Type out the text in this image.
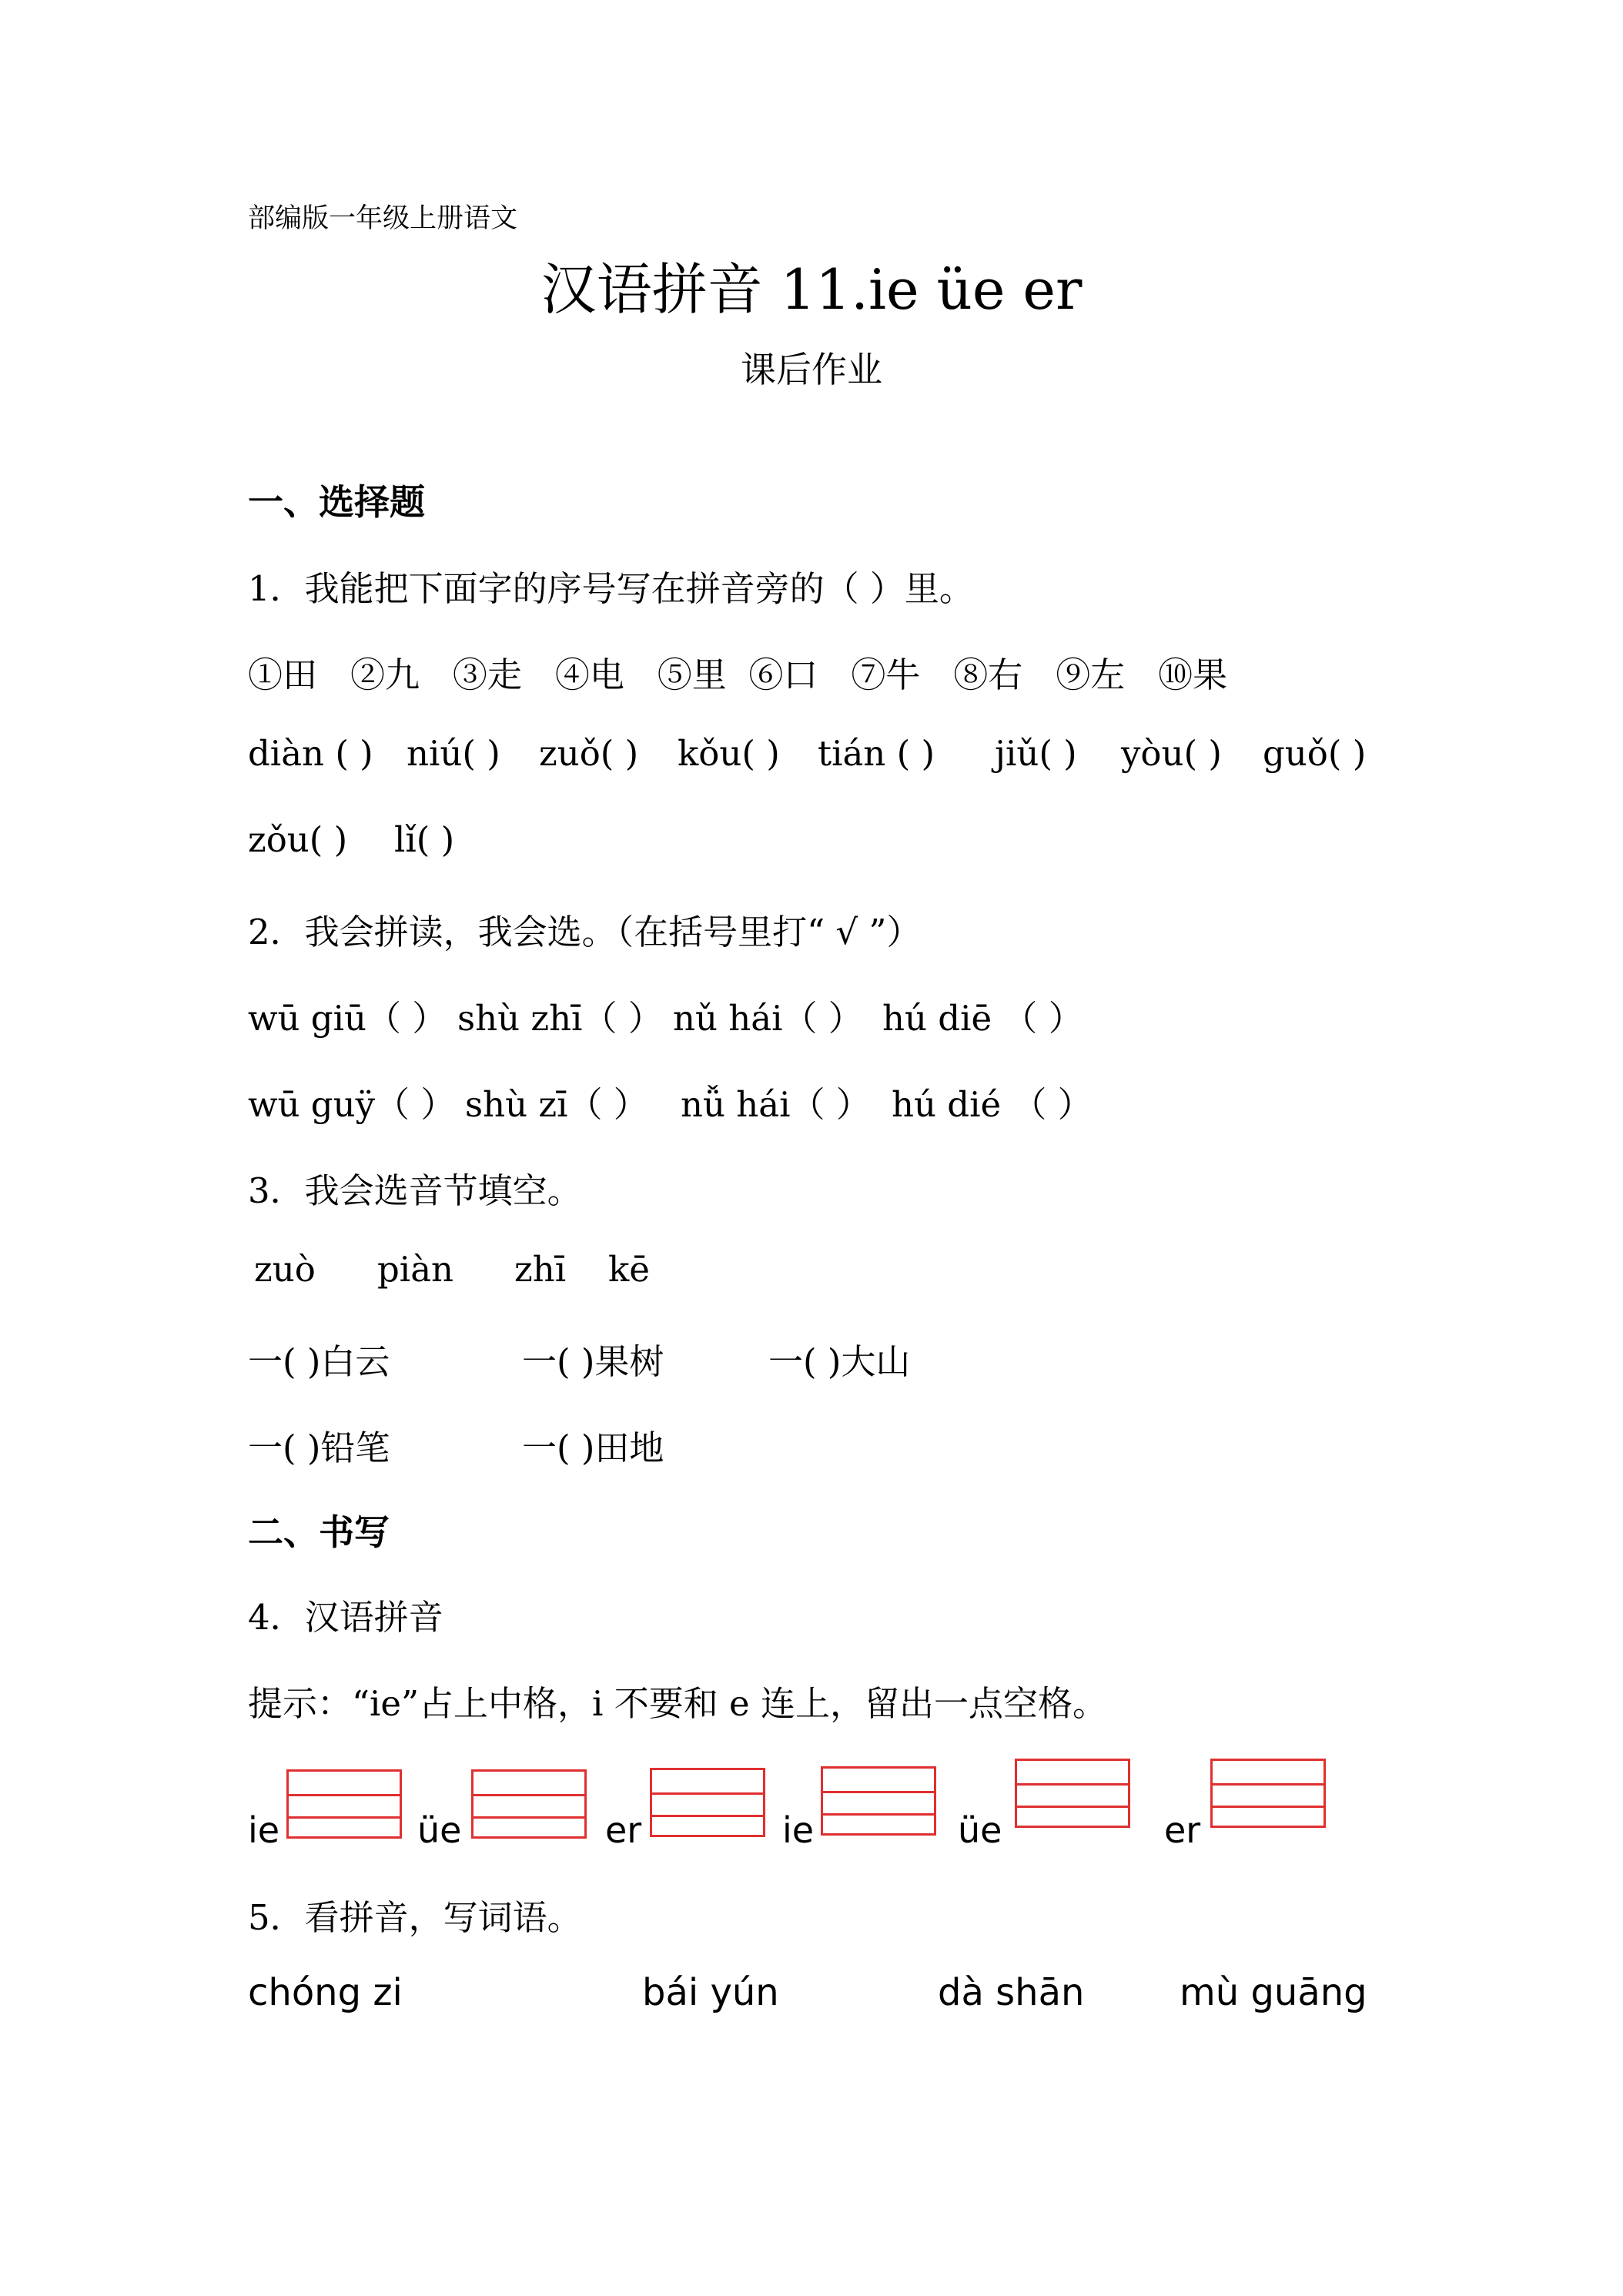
部编版一年级上册语文
汉语拼音 11.ie üe er
课后作业
一、选择题
1．我能把下面字的序号写在拼音旁的（ ）里。
①田 ②九 ③走 ④电 ⑤里 ⑥口 ⑦牛 ⑧右 ⑨左 ⑩果
diàn ( ) niú( ) zuǒ( ) kǒu( ) tián ( ) jiǔ( ) yòu( ) guǒ( )
zǒu( ) lǐ( )
2．我会拼读，我会选。（在括号里打“ √ ”）
wū giū（ ） shù zhī（ ） nǔ hái（ ） hú diē （ ）
wū guÿ（ ） shù zī（ ） nǚ hái（ ） hú dié （ ）
3．我会选音节填空。
zuò piàn zhī kē
一( )白云	一( )果树	一( )大山
一( )铅笔	一( )田地
二、书写
4．汉语拼音
提示：“ie”占上中格，i 不要和 e 连上，留出一点空格。
ie	üe	er	ie	üe	er
5．看拼音，写词语。
chóng zi	bái yún	dà shān	mù guāng
